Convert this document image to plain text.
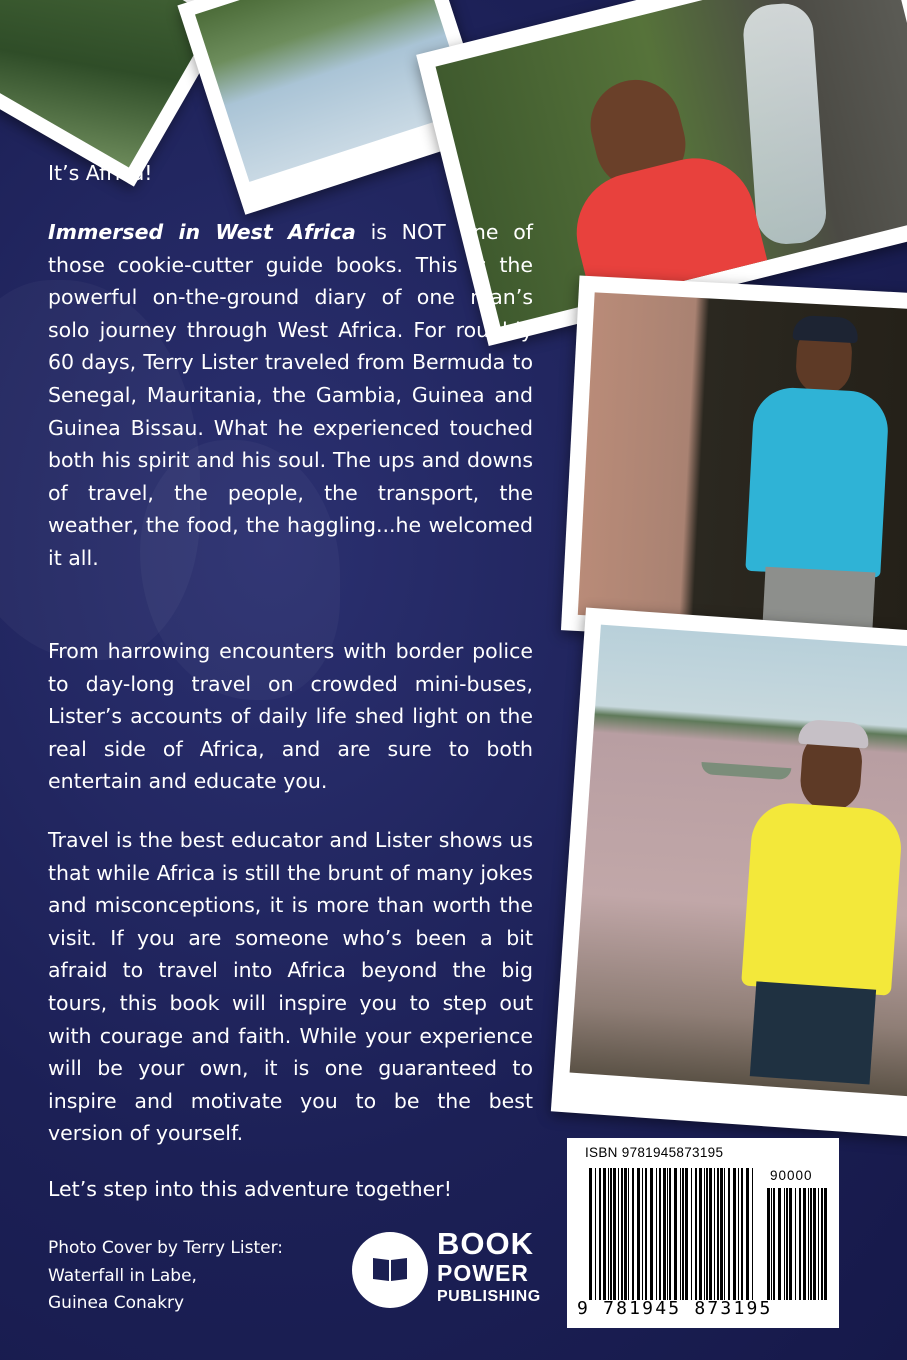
It’s Africa!

Immersed in West Africa is NOT one of those cookie-cutter guide books. This is the powerful on-the-ground diary of one man’s solo journey through West Africa. For roughly 60 days, Terry Lister traveled from Bermuda to Senegal, Mauritania, the Gambia, Guinea and Guinea Bissau. What he experienced touched both his spirit and his soul. The ups and downs of travel, the people, the transport, the weather, the food, the haggling...he welcomed it all.

From harrowing encounters with border police to day-long travel on crowded mini-buses, Lister’s accounts of daily life shed light on the real side of Africa, and are sure to both entertain and educate you.

Travel is the best educator and Lister shows us that while Africa is still the brunt of many jokes and misconceptions, it is more than worth the visit. If you are someone who’s been a bit afraid to travel into Africa beyond the big tours, this book will inspire you to step out with courage and faith. While your experience will be your own, it is one guaranteed to inspire and motivate you to be the best version of yourself.

Let’s step into this adventure together!
Photo Cover by Terry Lister:
Waterfall in Labe,
Guinea Conakry
BOOK
POWER
PUBLISHING
ISBN 9781945873195
90000
9 781945 873195
